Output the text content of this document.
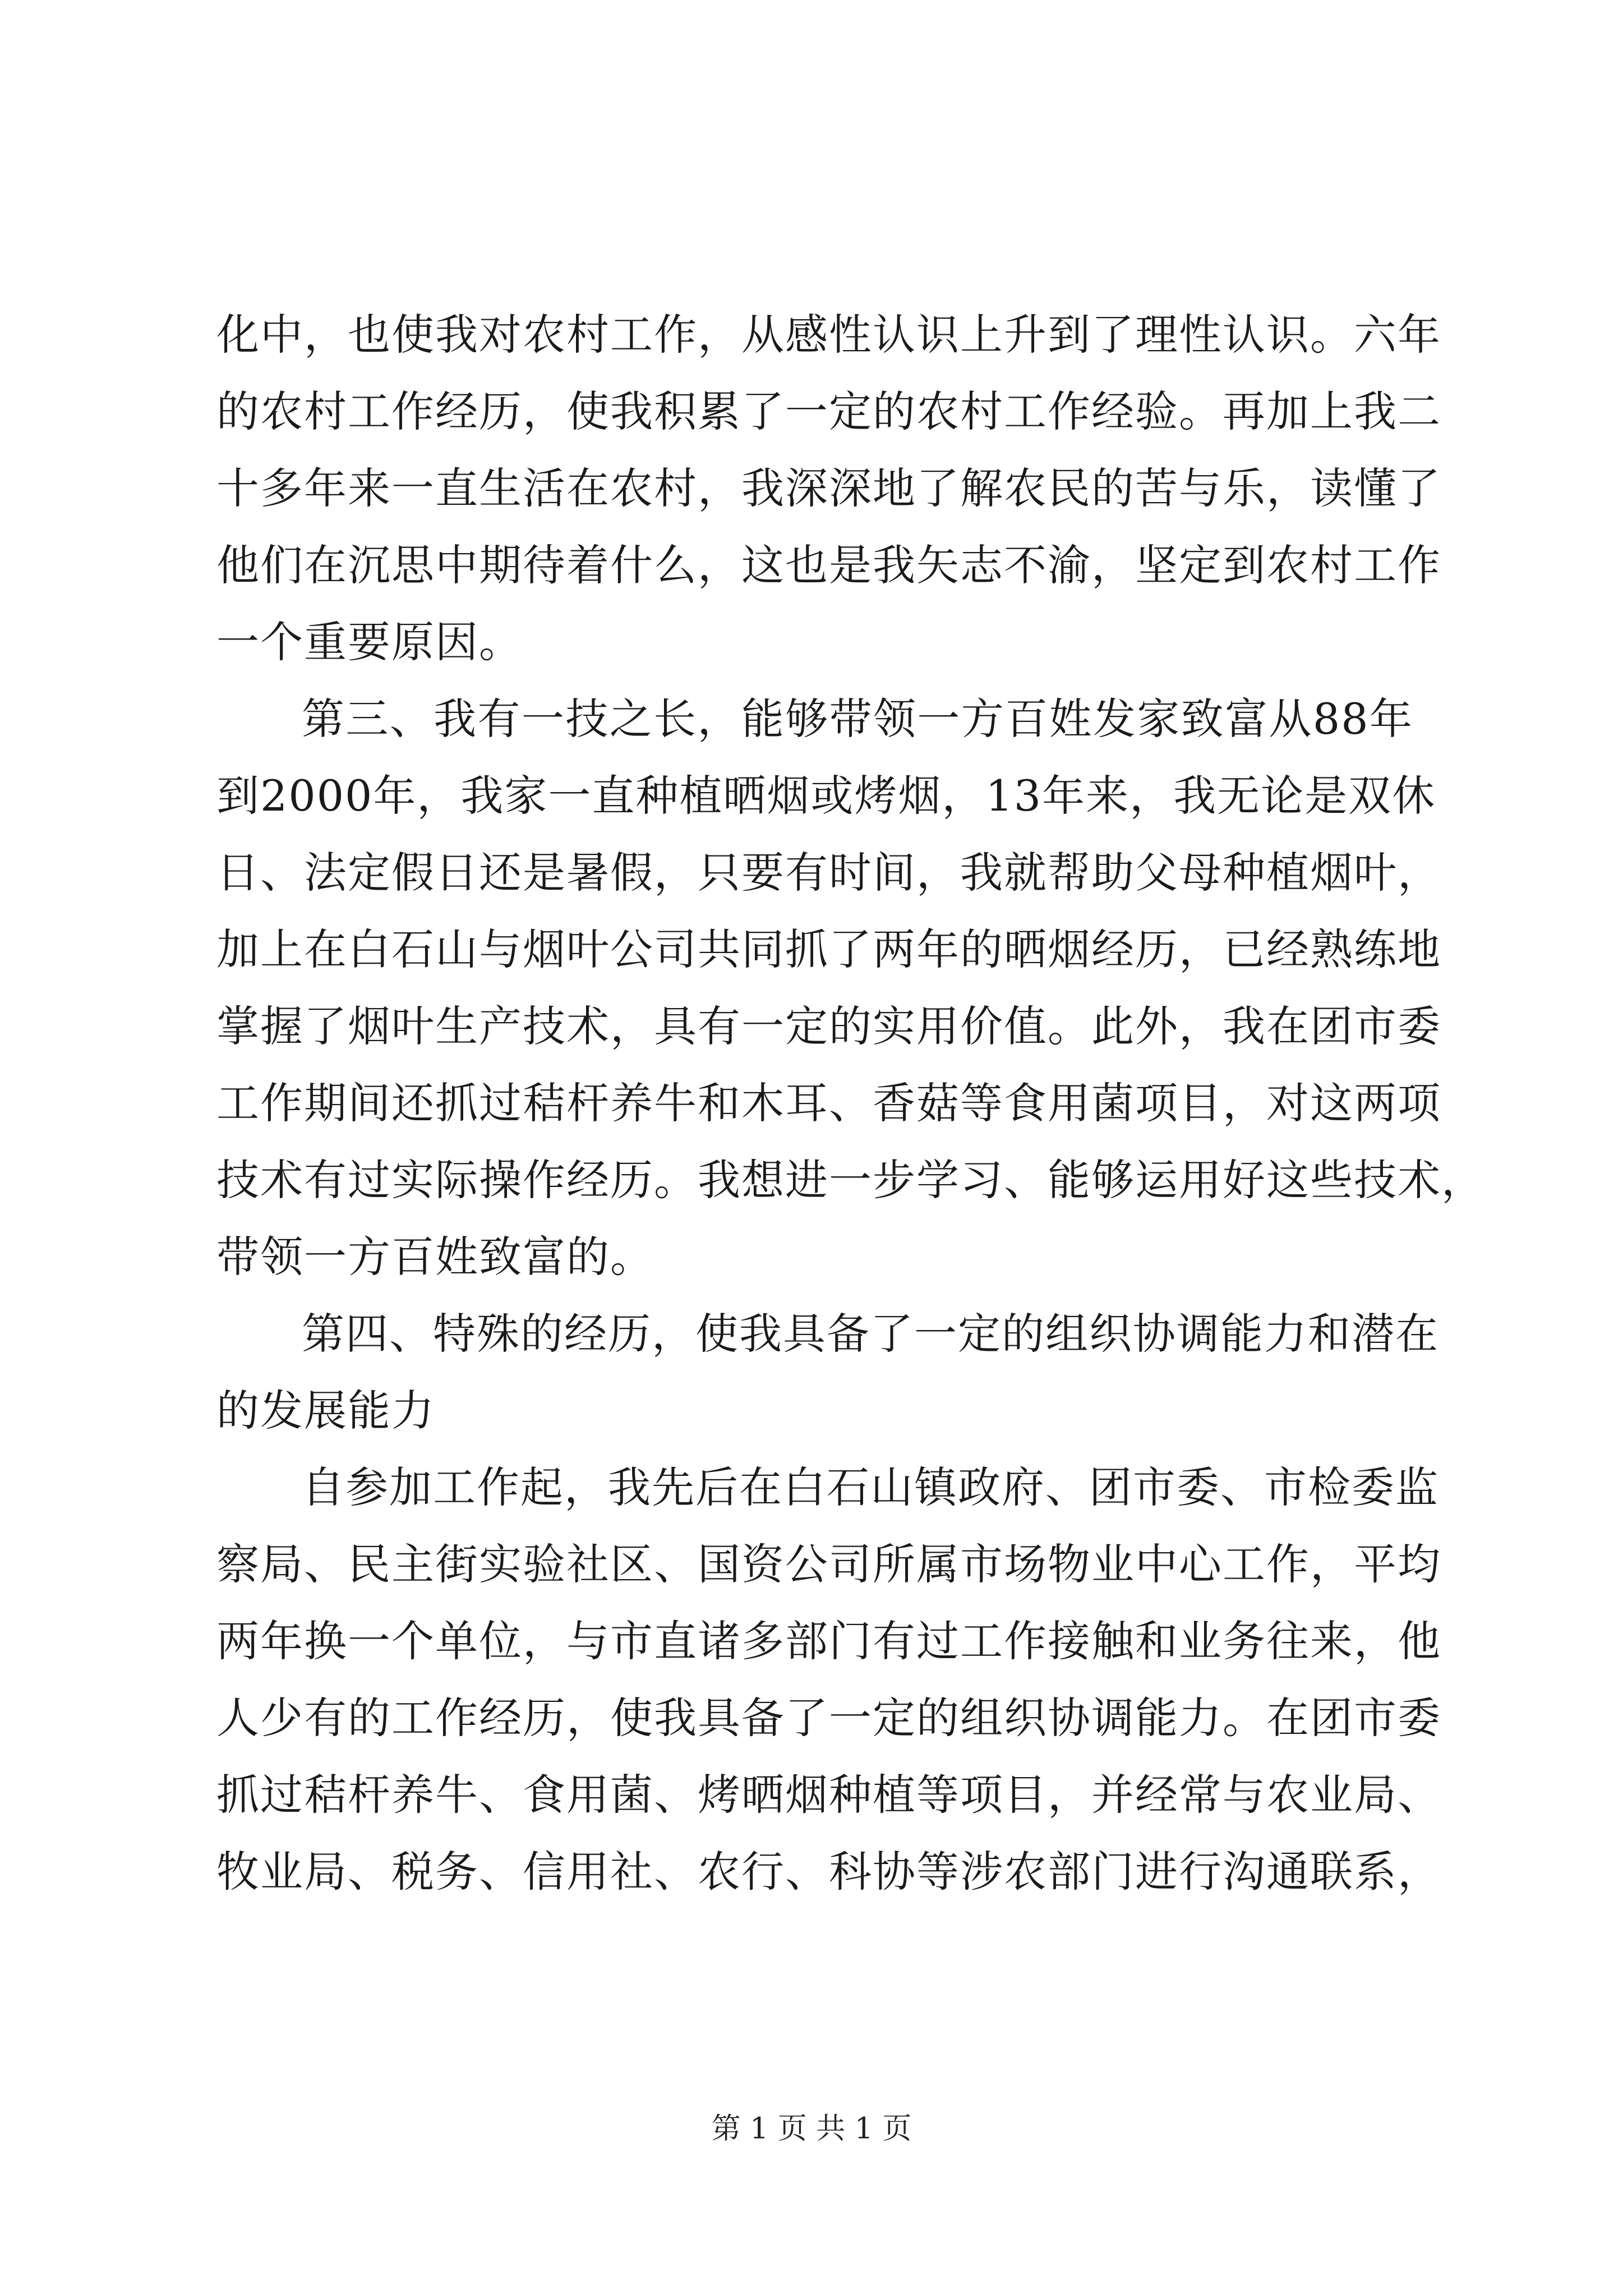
化中，也使我对农村工作，从感性认识上升到了理性认识。六年
的农村工作经历，使我积累了一定的农村工作经验。再加上我二
十多年来一直生活在农村，我深深地了解农民的苦与乐，读懂了
他们在沉思中期待着什么，这也是我矢志不渝，坚定到农村工作
一个重要原因。
第三、我有一技之长，能够带领一方百姓发家致富从88年
到2000年，我家一直种植晒烟或烤烟，13年来，我无论是双休
日、法定假日还是暑假，只要有时间，我就帮助父母种植烟叶，
加上在白石山与烟叶公司共同抓了两年的晒烟经历，已经熟练地
掌握了烟叶生产技术，具有一定的实用价值。此外，我在团市委
工作期间还抓过秸杆养牛和木耳、香菇等食用菌项目，对这两项
技术有过实际操作经历。我想进一步学习、能够运用好这些技术，
带领一方百姓致富的。
第四、特殊的经历，使我具备了一定的组织协调能力和潜在
的发展能力
自参加工作起，我先后在白石山镇政府、团市委、市检委监
察局、民主街实验社区、国资公司所属市场物业中心工作，平均
两年换一个单位，与市直诸多部门有过工作接触和业务往来，他
人少有的工作经历，使我具备了一定的组织协调能力。在团市委
抓过秸杆养牛、食用菌、烤晒烟种植等项目，并经常与农业局、
牧业局、税务、信用社、农行、科协等涉农部门进行沟通联系，
第 1 页 共 1 页
